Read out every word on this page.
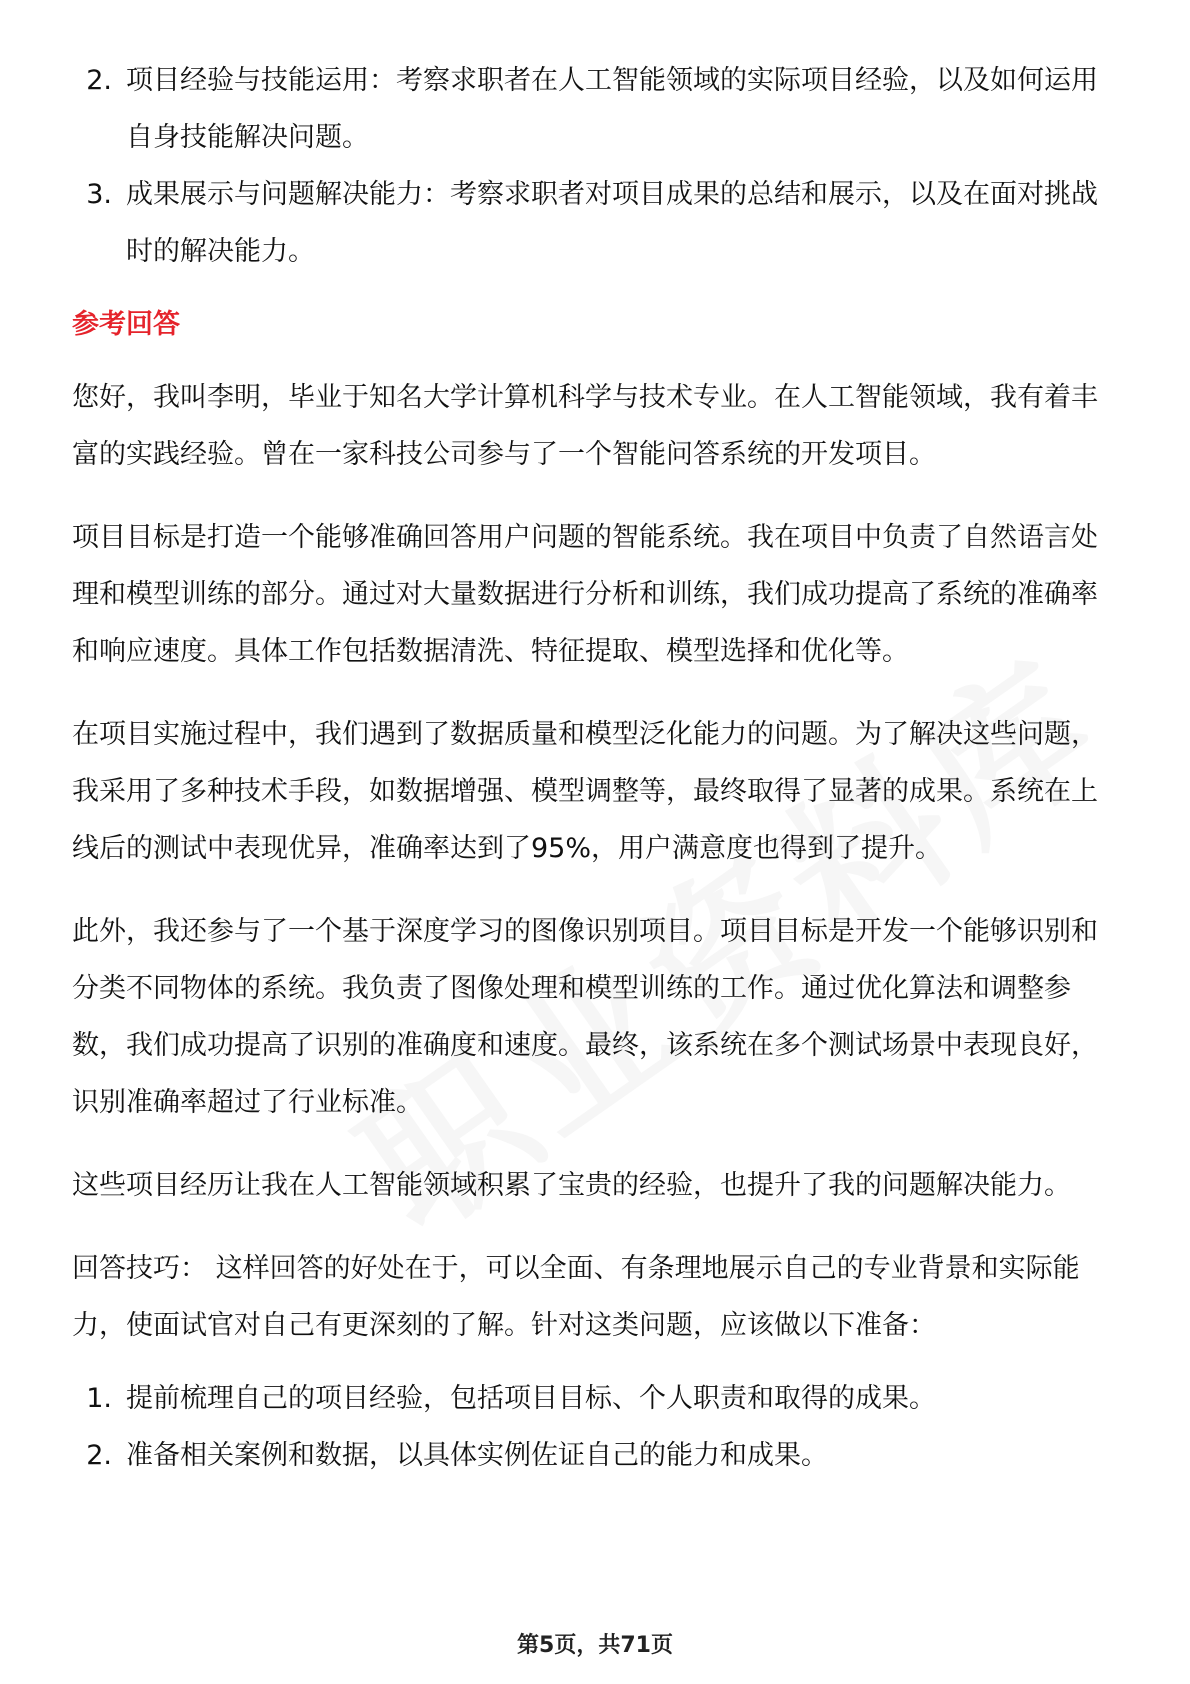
2. 项目经验与技能运用：考察求职者在人工智能领域的实际项目经验，以及如何运用自身技能解决问题。
3. 成果展示与问题解决能力：考察求职者对项目成果的总结和展示，以及在面对挑战时的解决能力。
参考回答

您好，我叫李明，毕业于知名大学计算机科学与技术专业。在人工智能领域，我有着丰富的实践经验。曾在一家科技公司参与了一个智能问答系统的开发项目。

项目目标是打造一个能够准确回答用户问题的智能系统。我在项目中负责了自然语言处理和模型训练的部分。通过对大量数据进行分析和训练，我们成功提高了系统的准确率和响应速度。具体工作包括数据清洗、特征提取、模型选择和优化等。

在项目实施过程中，我们遇到了数据质量和模型泛化能力的问题。为了解决这些问题，我采用了多种技术手段，如数据增强、模型调整等，最终取得了显著的成果。系统在上线后的测试中表现优异，准确率达到了95%，用户满意度也得到了提升。

此外，我还参与了一个基于深度学习的图像识别项目。项目目标是开发一个能够识别和分类不同物体的系统。我负责了图像处理和模型训练的工作。通过优化算法和调整参数，我们成功提高了识别的准确度和速度。最终，该系统在多个测试场景中表现良好，识别准确率超过了行业标准。

这些项目经历让我在人工智能领域积累了宝贵的经验，也提升了我的问题解决能力。

回答技巧： 这样回答的好处在于，可以全面、有条理地展示自己的专业背景和实际能力，使面试官对自己有更深刻的了解。针对这类问题，应该做以下准备：

1. 提前梳理自己的项目经验，包括项目目标、个人职责和取得的成果。
2. 准备相关案例和数据，以具体实例佐证自己的能力和成果。
第5页，共71页
